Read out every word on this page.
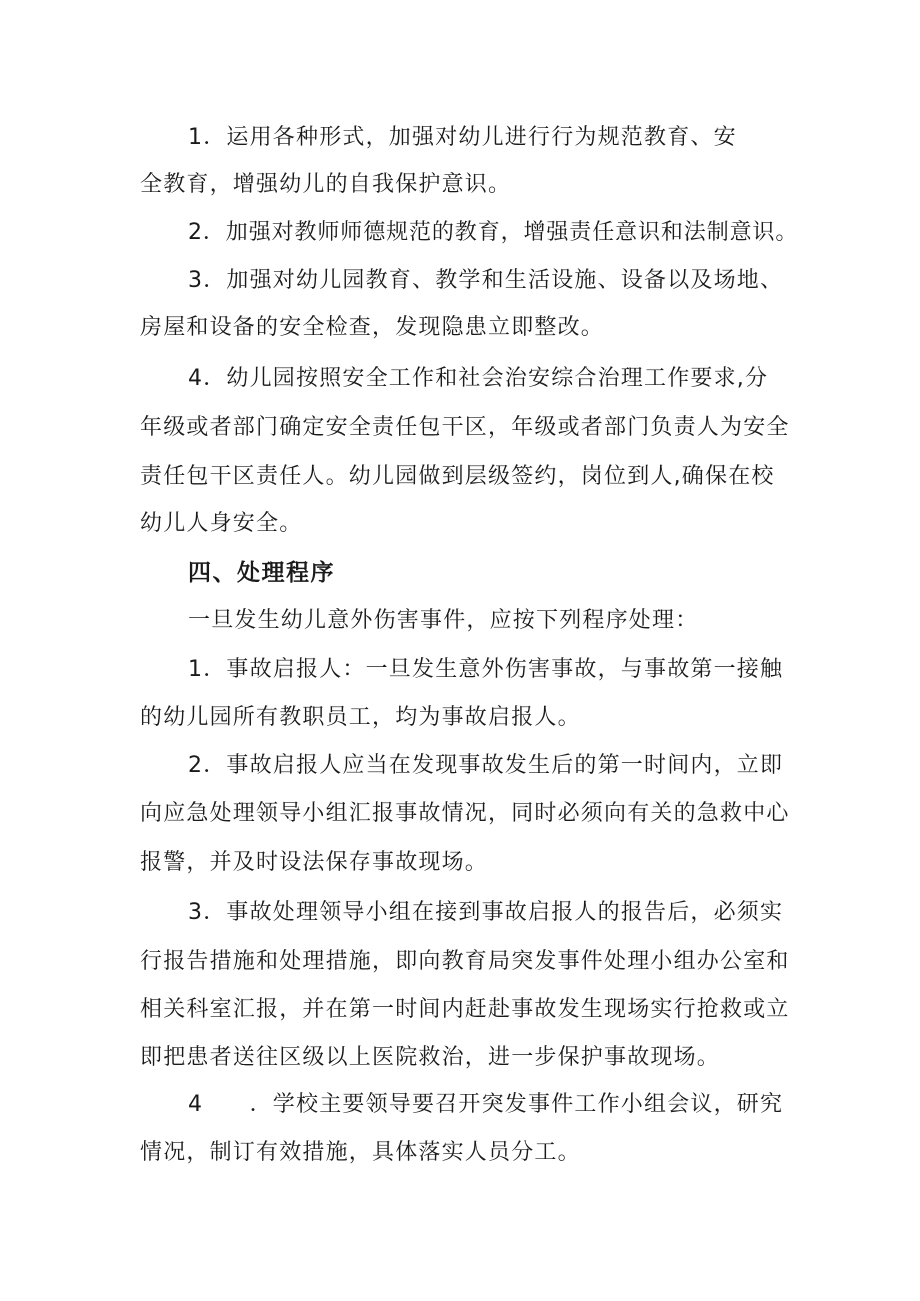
1．运用各种形式，加强对幼儿进行行为规范教育、安

全教育，增强幼儿的自我保护意识。

2．加强对教师师德规范的教育，增强责任意识和法制意识。

3．加强对幼儿园教育、教学和生活设施、设备以及场地、

房屋和设备的安全检查，发现隐患立即整改。

4．幼儿园按照安全工作和社会治安综合治理工作要求,分

年级或者部门确定安全责任包干区，年级或者部门负责人为安全

责任包干区责任人。幼儿园做到层级签约，岗位到人,确保在校

幼儿人身安全。

四、处理程序

一旦发生幼儿意外伤害事件，应按下列程序处理：

1．事故启报人：一旦发生意外伤害事故，与事故第一接触

的幼儿园所有教职员工，均为事故启报人。

2．事故启报人应当在发现事故发生后的第一时间内，立即

向应急处理领导小组汇报事故情况，同时必须向有关的急救中心

报警，并及时设法保存事故现场。

3．事故处理领导小组在接到事故启报人的报告后，必须实

行报告措施和处理措施，即向教育局突发事件处理小组办公室和

相关科室汇报，并在第一时间内赶赴事故发生现场实行抢救或立

即把患者送往区级以上医院救治，进一步保护事故现场。

4　　．学校主要领导要召开突发事件工作小组会议，研究

情况，制订有效措施，具体落实人员分工。
